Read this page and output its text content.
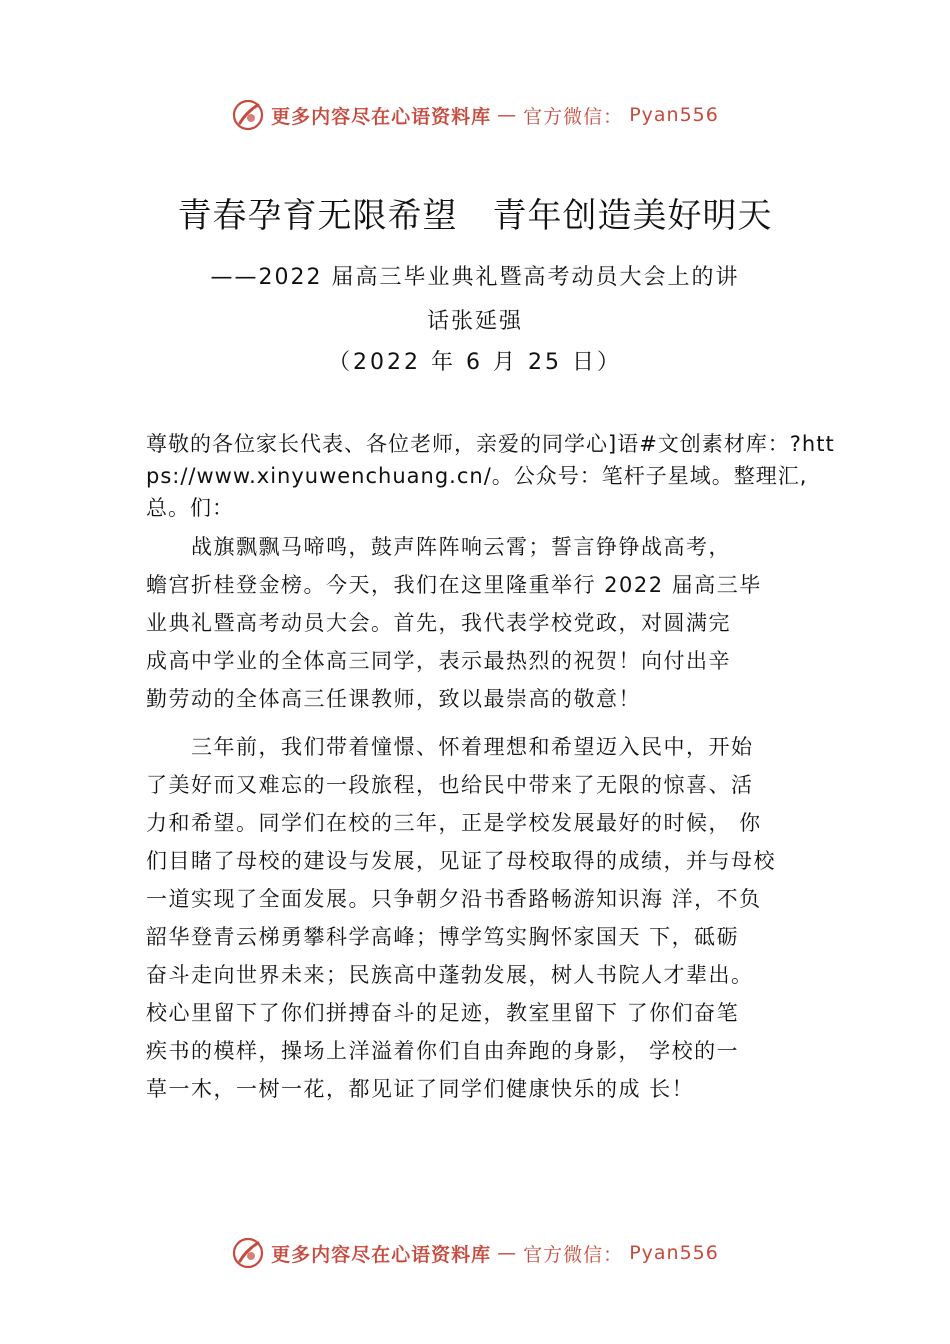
更多内容尽在心语资料库 — 官方微信： Pyan556
青春孕育无限希望　青年创造美好明天
——2022 届高三毕业典礼暨高考动员大会上的讲
话张延强
（2022 年 6 月 25 日）
尊敬的各位家长代表、各位老师，亲爱的同学心]语#文创素材库：?https://www.xinyuwenchuang.cn/。公众号：笔杆子星域。整理汇,总。们：
　　战旗飘飘马啼鸣，鼓声阵阵响云霄；誓言铮铮战高考，
蟾宫折桂登金榜。今天，我们在这里隆重举行 2022 届高三毕
业典礼暨高考动员大会。首先，我代表学校党政，对圆满完
成高中学业的全体高三同学，表示最热烈的祝贺！向付出辛
勤劳动的全体高三任课教师，致以最崇高的敬意！
　　三年前，我们带着憧憬、怀着理想和希望迈入民中，开始
了美好而又难忘的一段旅程，也给民中带来了无限的惊喜、活
力和希望。同学们在校的三年，正是学校发展最好的时候， 你
们目睹了母校的建设与发展，见证了母校取得的成绩，并与母校
一道实现了全面发展。只争朝夕沿书香路畅游知识海 洋，不负
韶华登青云梯勇攀科学高峰；博学笃实胸怀家国天 下，砥砺
奋斗走向世界未来；民族高中蓬勃发展，树人书院人才辈出。
校心里留下了你们拼搏奋斗的足迹，教室里留下 了你们奋笔
疾书的模样，操场上洋溢着你们自由奔跑的身影， 学校的一
草一木，一树一花，都见证了同学们健康快乐的成 长！
更多内容尽在心语资料库 — 官方微信： Pyan556
